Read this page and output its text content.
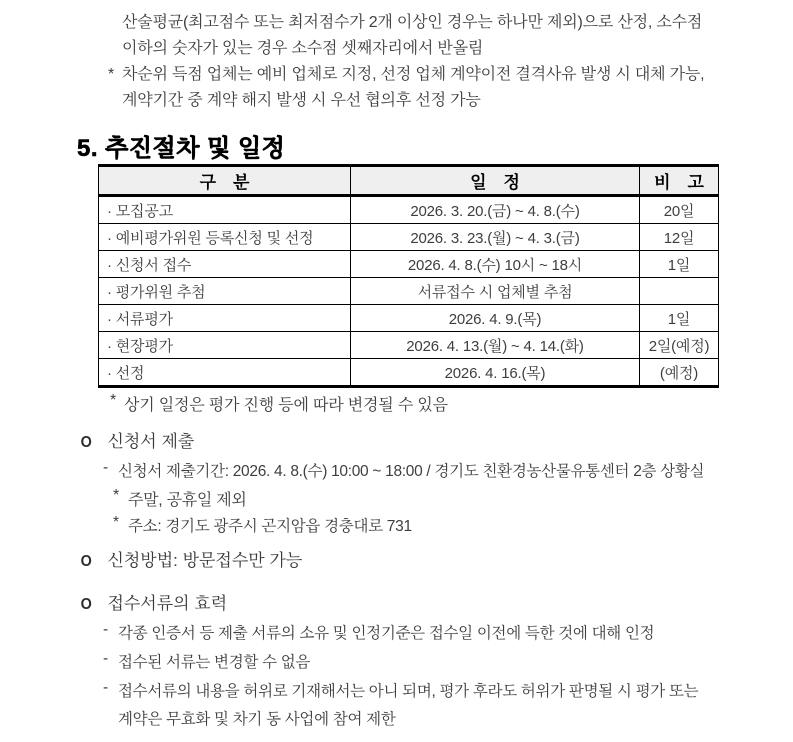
산술평균(최고점수 또는 최저점수가 2개 이상인 경우는 하나만 제외)으로 산정, 소수점
이하의 숫자가 있는 경우 소수점 셋째자리에서 반올림
* 차순위 득점 업체는 예비 업체로 지정, 선정 업체 계약이전 결격사유 발생 시 대체 가능,
계약기간 중 계약 해지 발생 시 우선 협의후 선정 가능
5. 추진절차 및 일정
구　분	일　정	비　고
· 모집공고	2026. 3. 20.(금) ~ 4. 8.(수)	20일
· 예비평가위원 등록신청 및 선정	2026. 3. 23.(월) ~ 4. 3.(금)	12일
· 신청서 접수	2026. 4. 8.(수) 10시 ~ 18시	1일
· 평가위원 추첨	서류접수 시 업체별 추첨	
· 서류평가	2026. 4. 9.(목)	1일
· 현장평가	2026. 4. 13.(월) ~ 4. 14.(화)	2일(예정)
· 선정	2026. 4. 16.(목)	(예정)
* 상기 일정은 평가 진행 등에 따라 변경될 수 있음
O 신청서 제출
- 신청서 제출기간: 2026. 4. 8.(수) 10:00 ~ 18:00 / 경기도 친환경농산물유통센터 2층 상황실
* 주말, 공휴일 제외
* 주소: 경기도 광주시 곤지암읍 경충대로 731
O 신청방법: 방문접수만 가능
O 접수서류의 효력
- 각종 인증서 등 제출 서류의 소유 및 인정기준은 접수일 이전에 득한 것에 대해 인정
- 접수된 서류는 변경할 수 없음
- 접수서류의 내용을 허위로 기재해서는 아니 되며, 평가 후라도 허위가 판명될 시 평가 또는
계약은 무효화 및 차기 동 사업에 참여 제한
